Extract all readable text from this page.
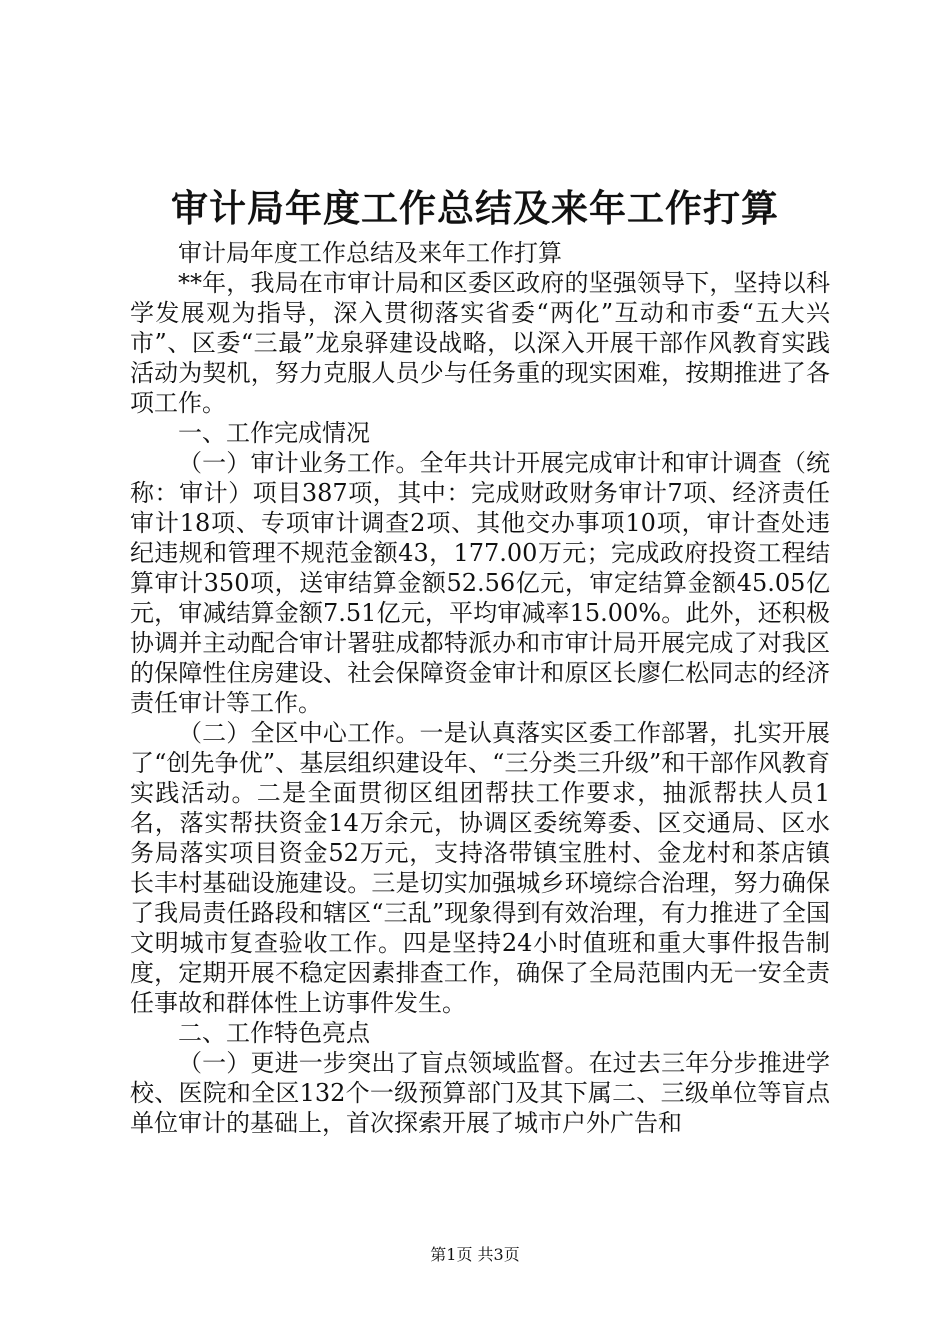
审计局年度工作总结及来年工作打算

审计局年度工作总结及来年工作打算

**年，我局在市审计局和区委区政府的坚强领导下，坚持以科学发展观为指导，深入贯彻落实省委“两化”互动和市委“五大兴市”、区委“三最”龙泉驿建设战略，以深入开展干部作风教育实践活动为契机，努力克服人员少与任务重的现实困难，按期推进了各项工作。

一、工作完成情况

（一）审计业务工作。全年共计开展完成审计和审计调查（统称：审计）项目387项，其中：完成财政财务审计7项、经济责任审计18项、专项审计调查2项、其他交办事项10项，审计查处违纪违规和管理不规范金额43，177.00万元；完成政府投资工程结算审计350项，送审结算金额52.56亿元，审定结算金额45.05亿元，审减结算金额7.51亿元，平均审减率15.00%。此外，还积极协调并主动配合审计署驻成都特派办和市审计局开展完成了对我区的保障性住房建设、社会保障资金审计和原区长廖仁松同志的经济责任审计等工作。

（二）全区中心工作。一是认真落实区委工作部署，扎实开展了“创先争优”、基层组织建设年、“三分类三升级”和干部作风教育实践活动。二是全面贯彻区组团帮扶工作要求，抽派帮扶人员1名，落实帮扶资金14万余元，协调区委统筹委、区交通局、区水务局落实项目资金52万元，支持洛带镇宝胜村、金龙村和茶店镇长丰村基础设施建设。三是切实加强城乡环境综合治理，努力确保了我局责任路段和辖区“三乱”现象得到有效治理，有力推进了全国文明城市复查验收工作。四是坚持24小时值班和重大事件报告制度，定期开展不稳定因素排查工作，确保了全局范围内无一安全责任事故和群体性上访事件发生。

二、工作特色亮点

（一）更进一步突出了盲点领域监督。在过去三年分步推进学校、医院和全区132个一级预算部门及其下属二、三级单位等盲点单位审计的基础上，首次探索开展了城市户外广告和

第1页 共3页
